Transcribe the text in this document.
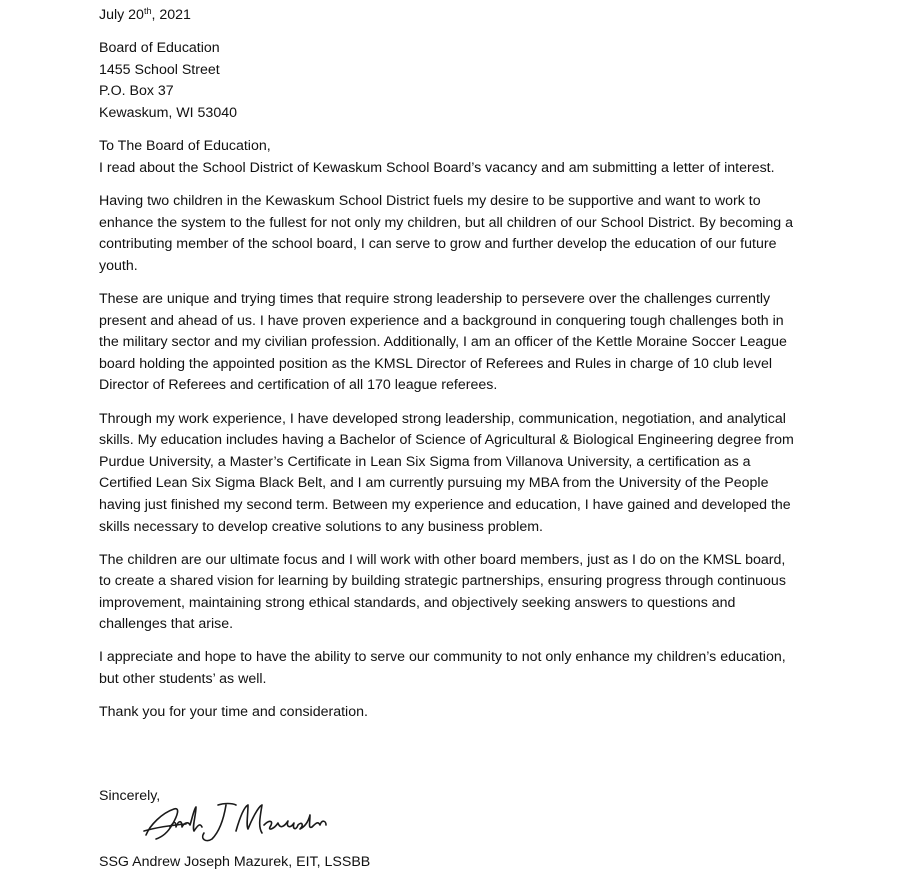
July 20th, 2021
Board of Education
1455 School Street
P.O. Box 37
Kewaskum, WI 53040

To The Board of Education,
I read about the School District of Kewaskum School Board’s vacancy and am submitting a letter of interest.

Having two children in the Kewaskum School District fuels my desire to be supportive and want to work to enhance the system to the fullest for not only my children, but all children of our School District. By becoming a contributing member of the school board, I can serve to grow and further develop the education of our future youth.

These are unique and trying times that require strong leadership to persevere over the challenges currently present and ahead of us. I have proven experience and a background in conquering tough challenges both in the military sector and my civilian profession. Additionally, I am an officer of the Kettle Moraine Soccer League board holding the appointed position as the KMSL Director of Referees and Rules in charge of 10 club level Director of Referees and certification of all 170 league referees.

Through my work experience, I have developed strong leadership, communication, negotiation, and analytical skills. My education includes having a Bachelor of Science of Agricultural & Biological Engineering degree from Purdue University, a Master’s Certificate in Lean Six Sigma from Villanova University, a certification as a Certified Lean Six Sigma Black Belt, and I am currently pursuing my MBA from the University of the People having just finished my second term. Between my experience and education, I have gained and developed the skills necessary to develop creative solutions to any business problem.

The children are our ultimate focus and I will work with other board members, just as I do on the KMSL board, to create a shared vision for learning by building strategic partnerships, ensuring progress through continuous improvement, maintaining strong ethical standards, and objectively seeking answers to questions and challenges that arise.

I appreciate and hope to have the ability to serve our community to not only enhance my children’s education, but other students’ as well.

Thank you for your time and consideration.

Sincerely,
SSG Andrew Joseph Mazurek, EIT, LSSBB
